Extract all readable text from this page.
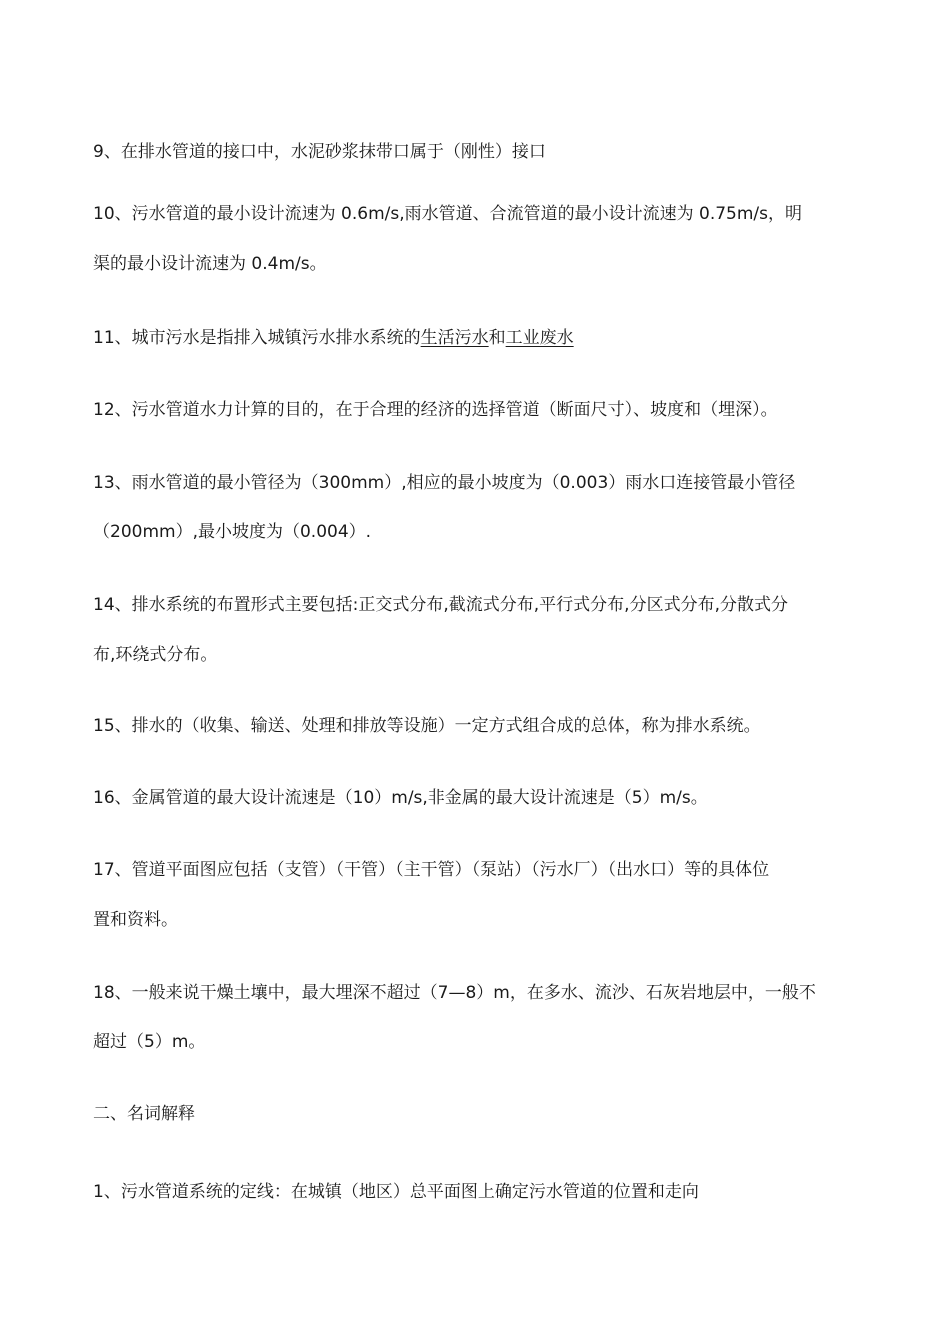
9、在排水管道的接口中，水泥砂浆抹带口属于（刚性）接口
10、污水管道的最小设计流速为 0.6m/s,雨水管道、合流管道的最小设计流速为 0.75m/s，明
渠的最小设计流速为 0.4m/s。
11、城市污水是指排入城镇污水排水系统的生活污水和工业废水
12、污水管道水力计算的目的，在于合理的经济的选择管道（断面尺寸）、坡度和（埋深）。
13、雨水管道的最小管径为（300mm）,相应的最小坡度为（0.003）雨水口连接管最小管径
（200mm）,最小坡度为（0.004）.
14、排水系统的布置形式主要包括:正交式分布,截流式分布,平行式分布,分区式分布,分散式分
布,环绕式分布。
15、排水的（收集、输送、处理和排放等设施）一定方式组合成的总体，称为排水系统。
16、金属管道的最大设计流速是（10）m/s,非金属的最大设计流速是（5）m/s。
17、管道平面图应包括（支管）（干管）（主干管）（泵站）（污水厂）（出水口）等的具体位
置和资料。
18、一般来说干燥土壤中，最大埋深不超过（7—8）m，在多水、流沙、石灰岩地层中，一般不
超过（5）m。
二、名词解释
1、污水管道系统的定线：在城镇（地区）总平面图上确定污水管道的位置和走向
